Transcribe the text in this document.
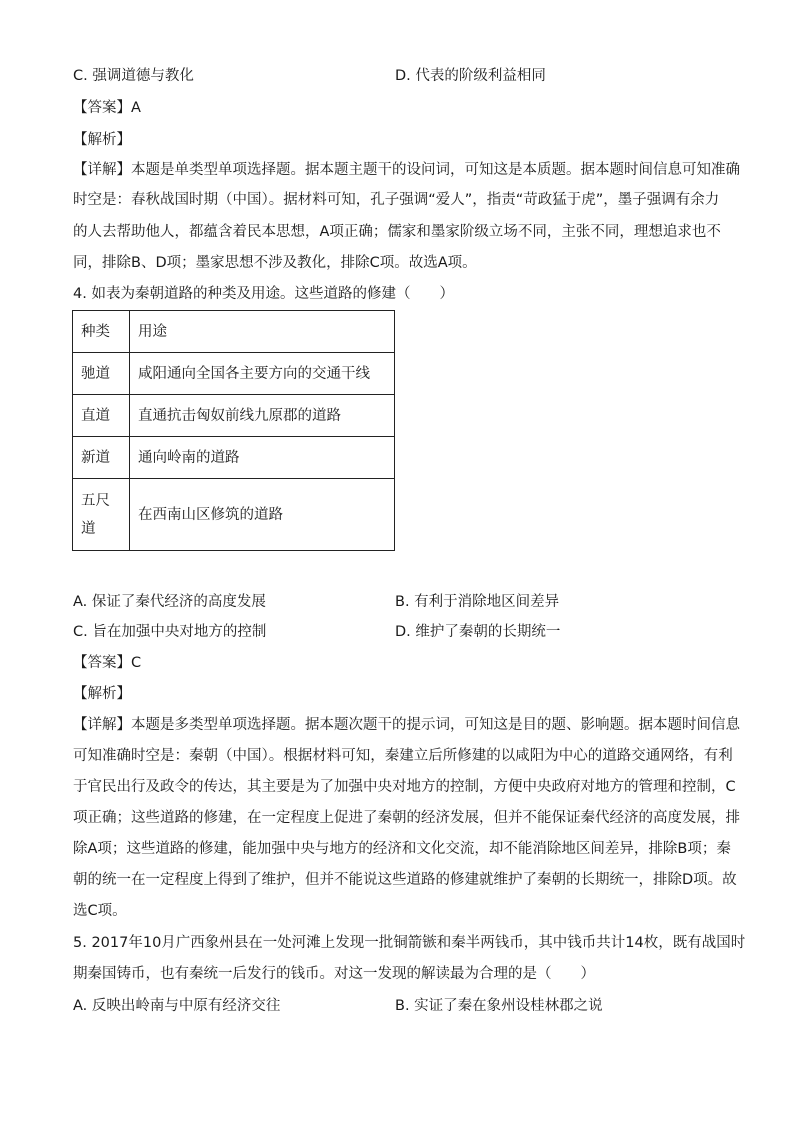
C. 强调道德与教化	D. 代表的阶级利益相同
【答案】A
【解析】
【详解】本题是单类型单项选择题。据本题主题干的设问词，可知这是本质题。据本题时间信息可知准确
时空是：春秋战国时期（中国）。据材料可知，孔子强调“爱人”，指责“苛政猛于虎”，墨子强调有余力
的人去帮助他人，都蕴含着民本思想，A项正确；儒家和墨家阶级立场不同，主张不同，理想追求也不
同，排除B、D项；墨家思想不涉及教化，排除C项。故选A项。
4. 如表为秦朝道路的种类及用途。这些道路的修建（　　）
种类	用途
驰道	咸阳通向全国各主要方向的交通干线
直道	直通抗击匈奴前线九原郡的道路
新道	通向岭南的道路
五尺道	在西南山区修筑的道路
A. 保证了秦代经济的高度发展	B. 有利于消除地区间差异
C. 旨在加强中央对地方的控制	D. 维护了秦朝的长期统一
【答案】C
【解析】
【详解】本题是多类型单项选择题。据本题次题干的提示词，可知这是目的题、影响题。据本题时间信息
可知准确时空是：秦朝（中国）。根据材料可知，秦建立后所修建的以咸阳为中心的道路交通网络，有利
于官民出行及政令的传达，其主要是为了加强中央对地方的控制，方便中央政府对地方的管理和控制，C
项正确；这些道路的修建，在一定程度上促进了秦朝的经济发展，但并不能保证秦代经济的高度发展，排
除A项；这些道路的修建，能加强中央与地方的经济和文化交流，却不能消除地区间差异，排除B项；秦
朝的统一在一定程度上得到了维护，但并不能说这些道路的修建就维护了秦朝的长期统一，排除D项。故
选C项。
5. 2017年10月广西象州县在一处河滩上发现一批铜箭镞和秦半两钱币，其中钱币共计14枚，既有战国时
期秦国铸币，也有秦统一后发行的钱币。对这一发现的解读最为合理的是（　　）
A. 反映出岭南与中原有经济交往	B. 实证了秦在象州设桂林郡之说
